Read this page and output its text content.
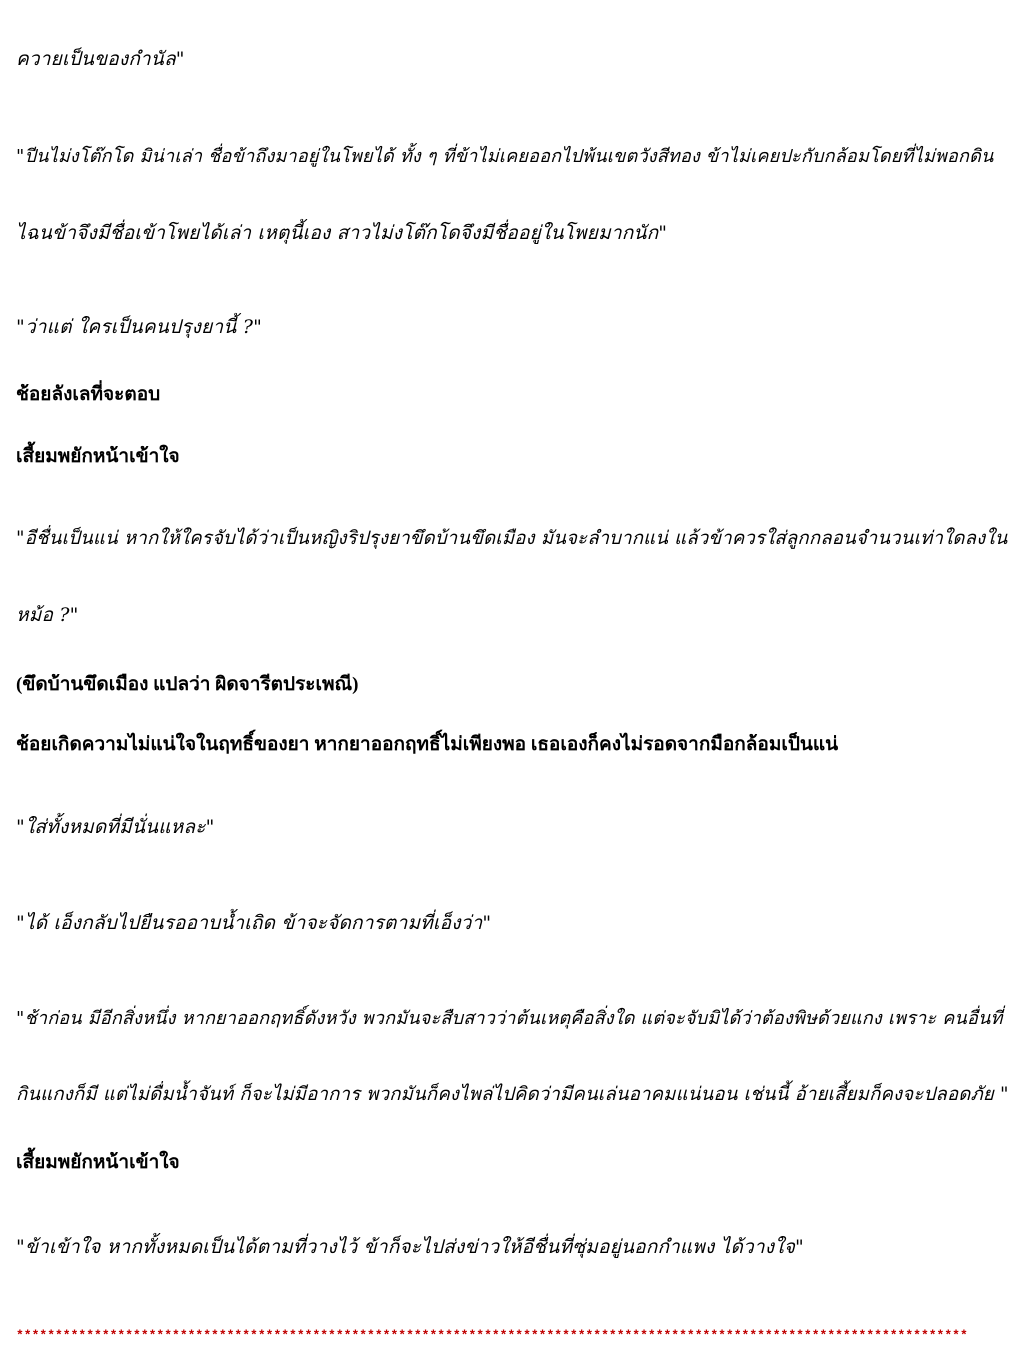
ควายเป็นของกำนัล"
"ปีนไม่งโต๊กโด มิน่าเล่า ชื่อข้าถึงมาอยู่ในโพยได้ ทั้ง ๆ ที่ข้าไม่เคยออกไปพ้นเขตวังสีทอง ข้าไม่เคยปะกับกล้อมโดยที่ไม่พอกดิน
ไฉนข้าจึงมีชื่อเข้าโพยได้เล่า เหตุนี้เอง สาวไม่งโต๊กโดจึงมีชื่ออยู่ในโพยมากนัก"
"ว่าแต่ ใครเป็นคนปรุงยานี้ ?"
ช้อยลังเลที่จะตอบ
เสี้ยมพยักหน้าเข้าใจ
"อีชื่นเป็นแน่ หากให้ใครจับได้ว่าเป็นหญิงริปรุงยาขึดบ้านขึดเมือง มันจะลำบากแน่ แล้วข้าควรใส่ลูกกลอนจำนวนเท่าใดลงใน
หม้อ ?"
(ขึดบ้านขึดเมือง แปลว่า ผิดจารีตประเพณี)
ช้อยเกิดความไม่แน่ใจในฤทธิ์ของยา หากยาออกฤทธิ์ไม่เพียงพอ เธอเองก็คงไม่รอดจากมือกล้อมเป็นแน่
"ใส่ทั้งหมดที่มีนั่นแหละ"
"ได้ เอ็งกลับไปยืนรออาบน้ำเถิด ข้าจะจัดการตามที่เอ็งว่า"
"ช้าก่อน มีอีกสิ่งหนึ่ง หากยาออกฤทธิ์ดังหวัง พวกมันจะสืบสาวว่าต้นเหตุคือสิ่งใด แต่จะจับมิได้ว่าต้องพิษด้วยแกง เพราะ คนอื่นที่
กินแกงก็มี แต่ไม่ดื่มน้ำจันท์ ก็จะไม่มีอาการ พวกมันก็คงไพล่ไปคิดว่ามีคนเล่นอาคมแน่นอน เช่นนี้ อ้ายเสี้ยมก็คงจะปลอดภัย "
เสี้ยมพยักหน้าเข้าใจ
"ข้าเข้าใจ หากทั้งหมดเป็นได้ตามที่วางไว้ ข้าก็จะไปส่งข่าวให้อีชื่นที่ซุ่มอยู่นอกกำแพง ได้วางใจ"
**************************************************************************************************************************
